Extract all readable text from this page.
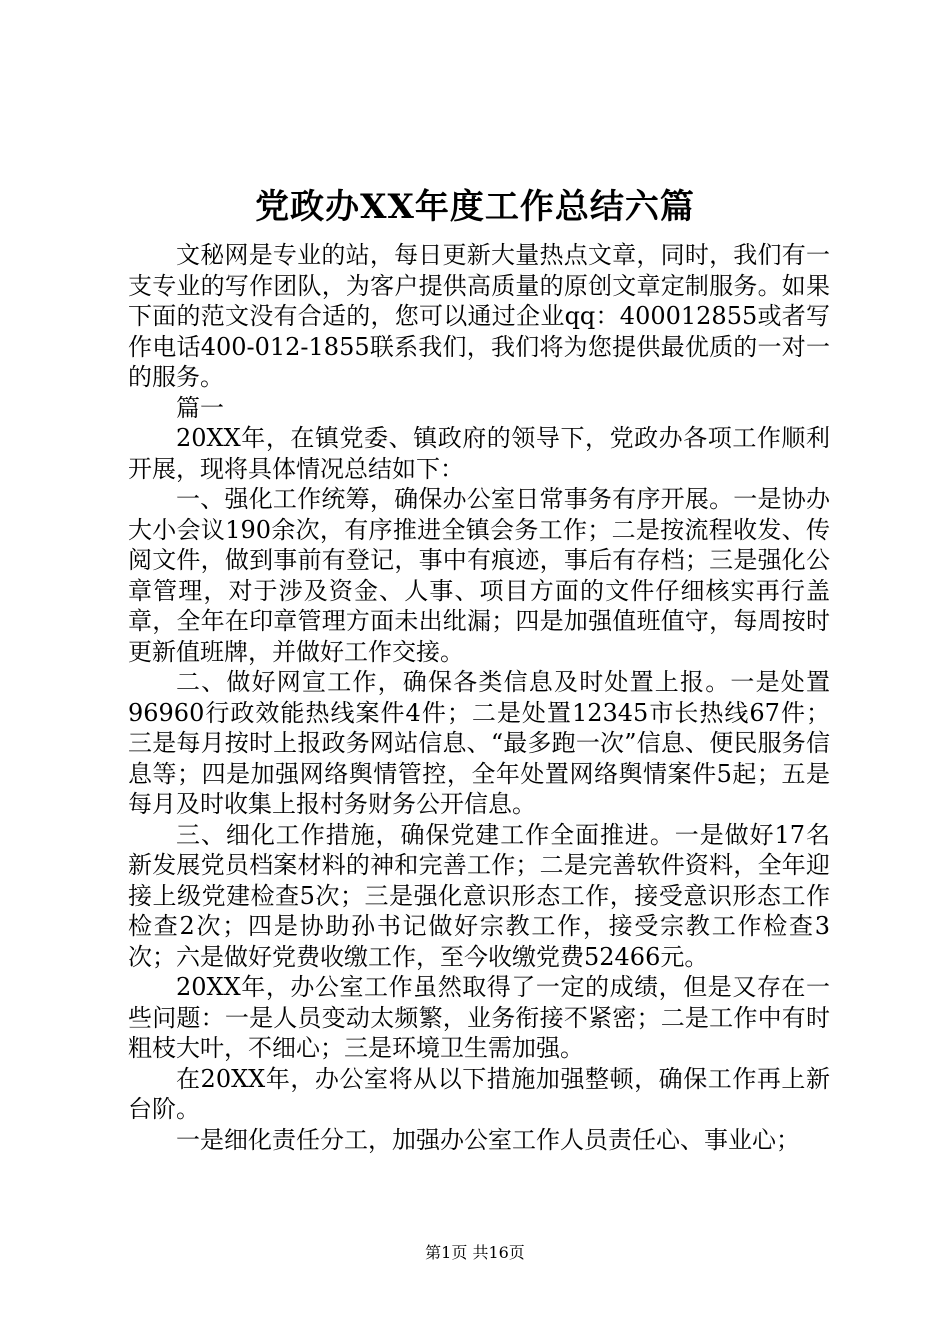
党政办XX年度工作总结六篇

文秘网是专业的站，每日更新大量热点文章，同时，我们有一支专业的写作团队，为客户提供高质量的原创文章定制服务。如果下面的范文没有合适的，您可以通过企业qq：400012855或者写作电话400-012-1855联系我们，我们将为您提供最优质的一对一的服务。

篇一

20XX年，在镇党委、镇政府的领导下，党政办各项工作顺利开展，现将具体情况总结如下：

一、强化工作统筹，确保办公室日常事务有序开展。一是协办大小会议190余次，有序推进全镇会务工作；二是按流程收发、传阅文件，做到事前有登记，事中有痕迹，事后有存档；三是强化公章管理，对于涉及资金、人事、项目方面的文件仔细核实再行盖章，全年在印章管理方面未出纰漏；四是加强值班值守，每周按时更新值班牌，并做好工作交接。

二、做好网宣工作，确保各类信息及时处置上报。一是处置96960行政效能热线案件4件；二是处置12345市长热线67件；三是每月按时上报政务网站信息、“最多跑一次”信息、便民服务信息等；四是加强网络舆情管控，全年处置网络舆情案件5起；五是每月及时收集上报村务财务公开信息。

三、细化工作措施，确保党建工作全面推进。一是做好17名新发展党员档案材料的神和完善工作；二是完善软件资料，全年迎接上级党建检查5次；三是强化意识形态工作，接受意识形态工作检查2次；四是协助孙书记做好宗教工作，接受宗教工作检查3次；六是做好党费收缴工作，至今收缴党费52466元。

20XX年，办公室工作虽然取得了一定的成绩，但是又存在一些问题：一是人员变动太频繁，业务衔接不紧密；二是工作中有时粗枝大叶，不细心；三是环境卫生需加强。

在20XX年，办公室将从以下措施加强整顿，确保工作再上新台阶。

一是细化责任分工，加强办公室工作人员责任心、事业心；

第1页 共16页
